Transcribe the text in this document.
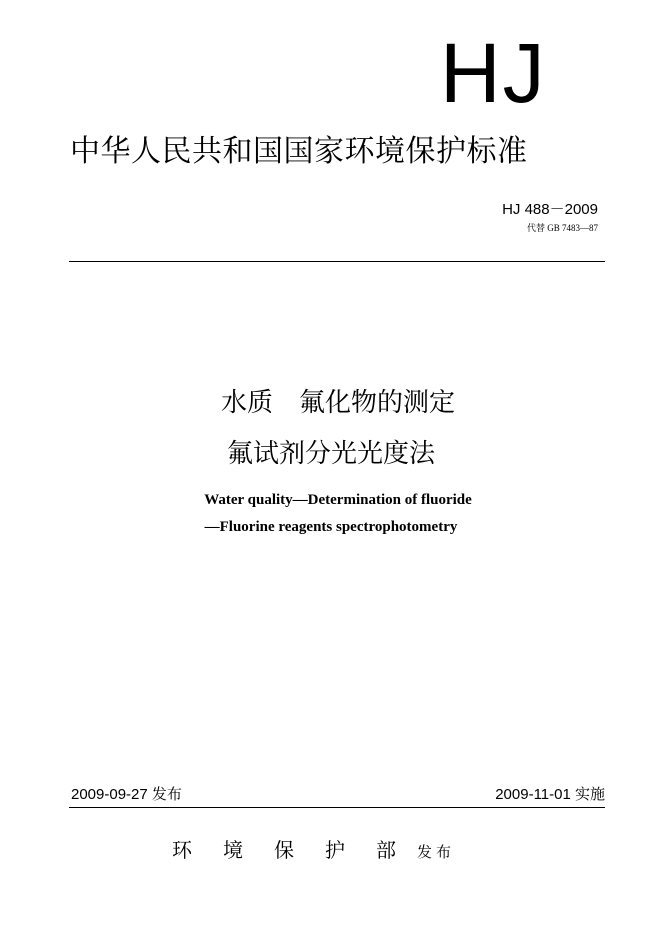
HJ
中华人民共和国国家环境保护标准
HJ 488－2009
代替 GB 7483—87
水质　氟化物的测定
氟试剂分光光度法
Water quality—Determination of fluoride
—Fluorine reagents spectrophotometry
2009-09-27 发布	2009-11-01 实施
环境保护部
发布
